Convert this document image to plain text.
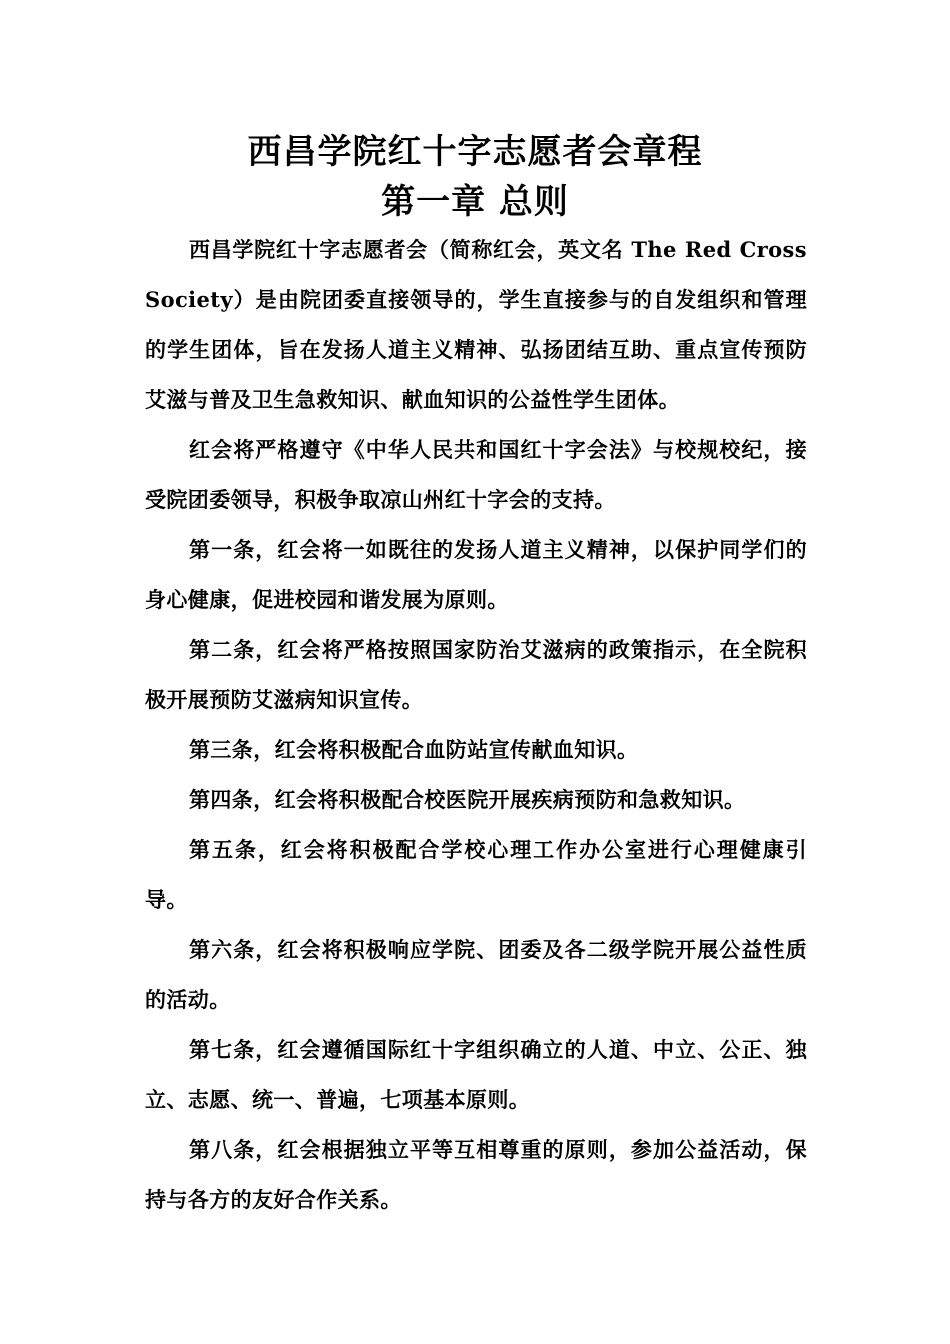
西昌学院红十字志愿者会章程
第一章 总则

西昌学院红十字志愿者会（简称红会，英文名 The Red Cross Society）是由院团委直接领导的，学生直接参与的自发组织和管理的学生团体，旨在发扬人道主义精神、弘扬团结互助、重点宣传预防艾滋与普及卫生急救知识、献血知识的公益性学生团体。

红会将严格遵守《中华人民共和国红十字会法》与校规校纪，接受院团委领导，积极争取凉山州红十字会的支持。

第一条，红会将一如既往的发扬人道主义精神，以保护同学们的身心健康，促进校园和谐发展为原则。

第二条，红会将严格按照国家防治艾滋病的政策指示，在全院积极开展预防艾滋病知识宣传。

第三条，红会将积极配合血防站宣传献血知识。

第四条，红会将积极配合校医院开展疾病预防和急救知识。

第五条，红会将积极配合学校心理工作办公室进行心理健康引导。

第六条，红会将积极响应学院、团委及各二级学院开展公益性质的活动。

第七条，红会遵循国际红十字组织确立的人道、中立、公正、独立、志愿、统一、普遍，七项基本原则。

第八条，红会根据独立平等互相尊重的原则，参加公益活动，保持与各方的友好合作关系。
